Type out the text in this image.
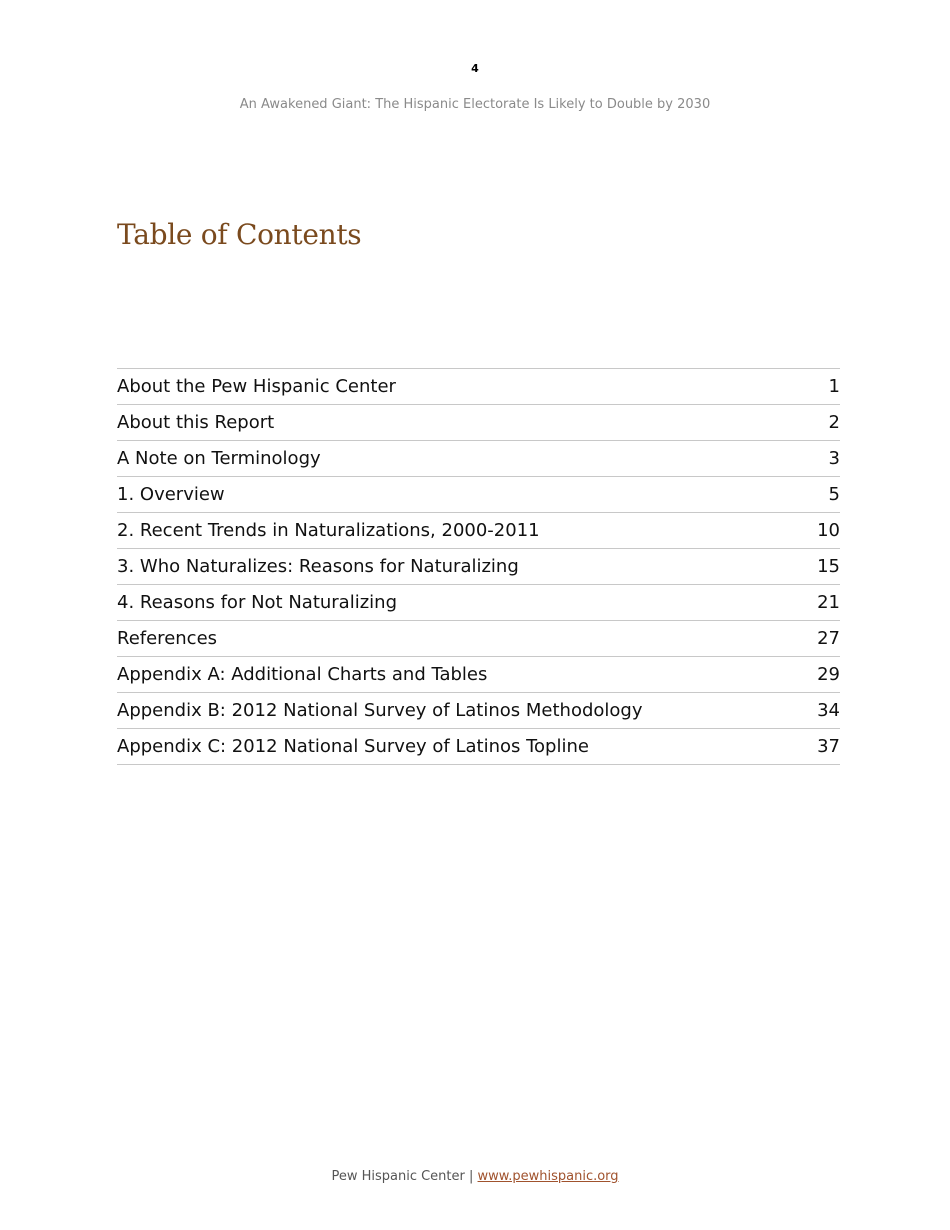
4
An Awakened Giant: The Hispanic Electorate Is Likely to Double by 2030
Table of Contents
About the Pew Hispanic Center	1
About this Report	2
A Note on Terminology	3
1. Overview	5
2. Recent Trends in Naturalizations, 2000-2011	10
3. Who Naturalizes: Reasons for Naturalizing	15
4. Reasons for Not Naturalizing	21
References	27
Appendix A: Additional Charts and Tables	29
Appendix B: 2012 National Survey of Latinos Methodology	34
Appendix C: 2012 National Survey of Latinos Topline	37
Pew Hispanic Center | www.pewhispanic.org
